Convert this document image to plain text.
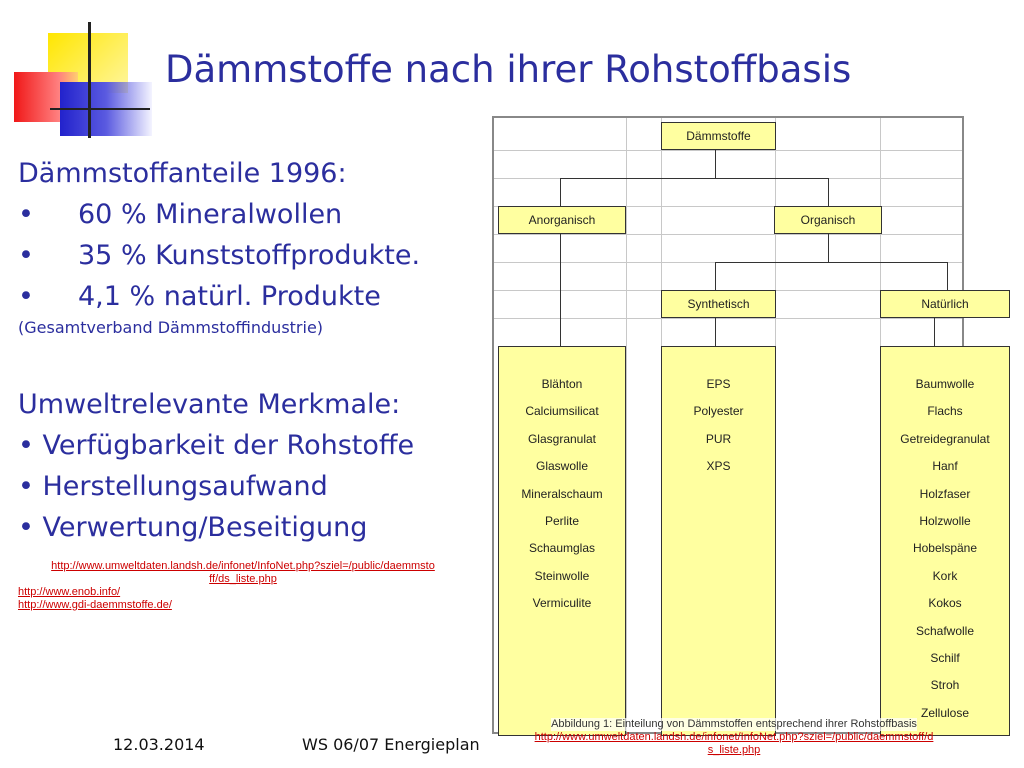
Dämmstoffe nach ihrer Rohstoffbasis
Dämmstoffanteile 1996:
• 60 % Mineralwollen
• 35 % Kunststoffprodukte.
• 4,1 % natürl. Produkte
(Gesamtverband Dämmstoffindustrie)
Umweltrelevante Merkmale:
• Verfügbarkeit der Rohstoffe
• Herstellungsaufwand
• Verwertung/Beseitigung
http://www.umweltdaten.landsh.de/infonet/InfoNet.php?sziel=/public/daemmsto
ff/ds_liste.php
http://www.enob.info/
http://www.gdi-daemmstoffe.de/
Dämmstoffe
Anorganisch	Organisch
Synthetisch	Natürlich
Blähton
Calciumsilicat
Glasgranulat
Glaswolle
Mineralschaum
Perlite
Schaumglas
Steinwolle
Vermiculite
EPS
Polyester
PUR
XPS
Baumwolle
Flachs
Getreidegranulat
Hanf
Holzfaser
Holzwolle
Hobelspäne
Kork
Kokos
Schafwolle
Schilf
Stroh
Zellulose
Abbildung 1: Einteilung von Dämmstoffen entsprechend ihrer Rohstoffbasis
http://www.umweltdaten.landsh.de/infonet/InfoNet.php?sziel=/public/daemmstoff/d
s_liste.php
12.03.2014	WS 06/07 Energieplan
